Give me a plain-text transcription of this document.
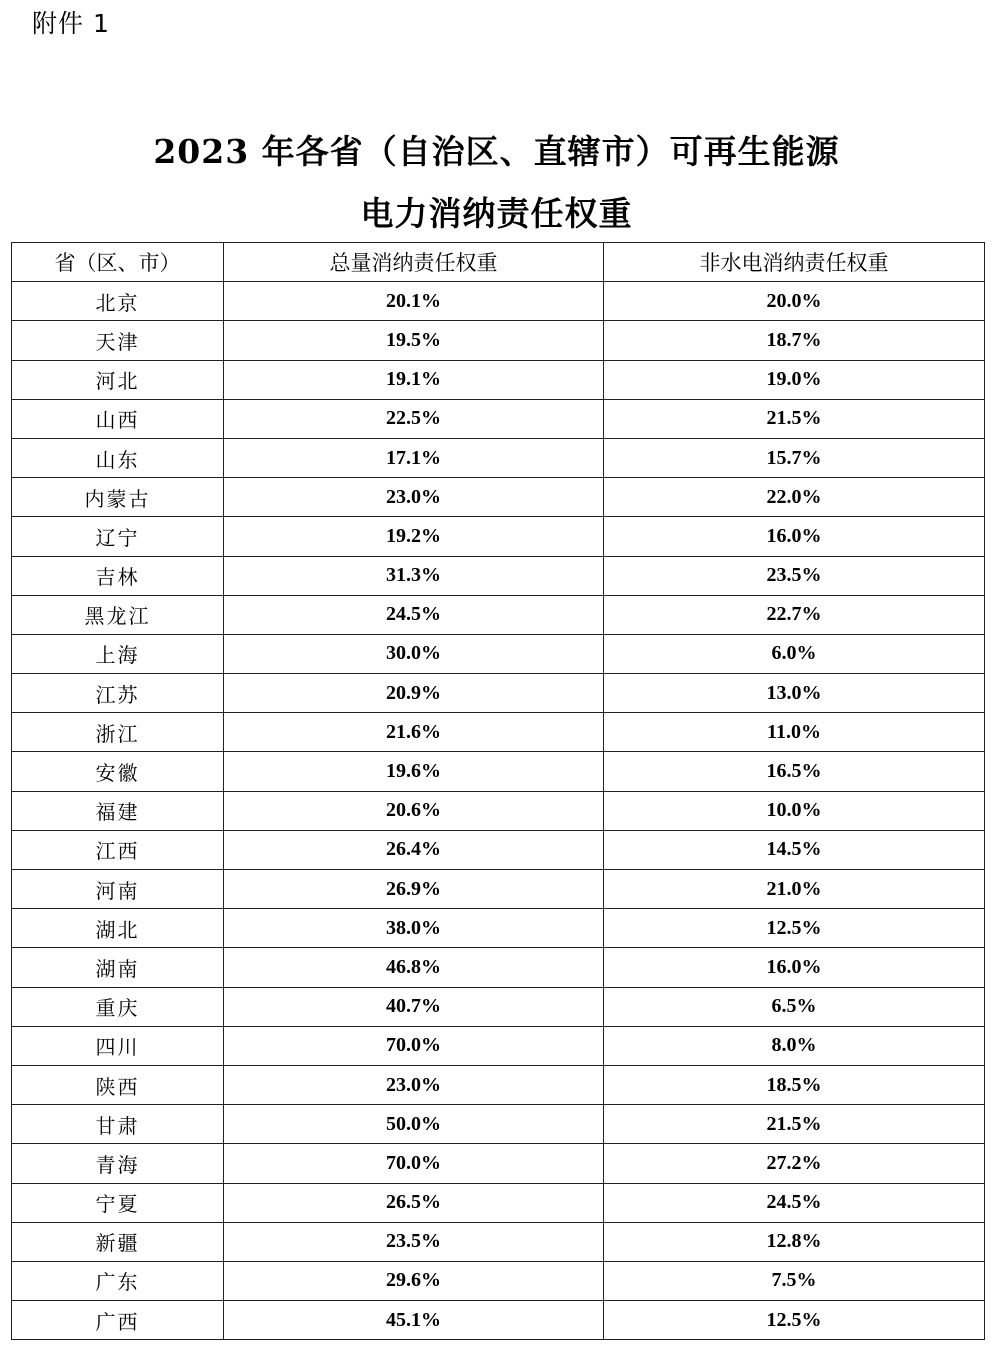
附件 1
2023 年各省（自治区、直辖市）可再生能源
电力消纳责任权重
省（区、市）	总量消纳责任权重	非水电消纳责任权重
北京	20.1%	20.0%
天津	19.5%	18.7%
河北	19.1%	19.0%
山西	22.5%	21.5%
山东	17.1%	15.7%
内蒙古	23.0%	22.0%
辽宁	19.2%	16.0%
吉林	31.3%	23.5%
黑龙江	24.5%	22.7%
上海	30.0%	6.0%
江苏	20.9%	13.0%
浙江	21.6%	11.0%
安徽	19.6%	16.5%
福建	20.6%	10.0%
江西	26.4%	14.5%
河南	26.9%	21.0%
湖北	38.0%	12.5%
湖南	46.8%	16.0%
重庆	40.7%	6.5%
四川	70.0%	8.0%
陕西	23.0%	18.5%
甘肃	50.0%	21.5%
青海	70.0%	27.2%
宁夏	26.5%	24.5%
新疆	23.5%	12.8%
广东	29.6%	7.5%
广西	45.1%	12.5%
